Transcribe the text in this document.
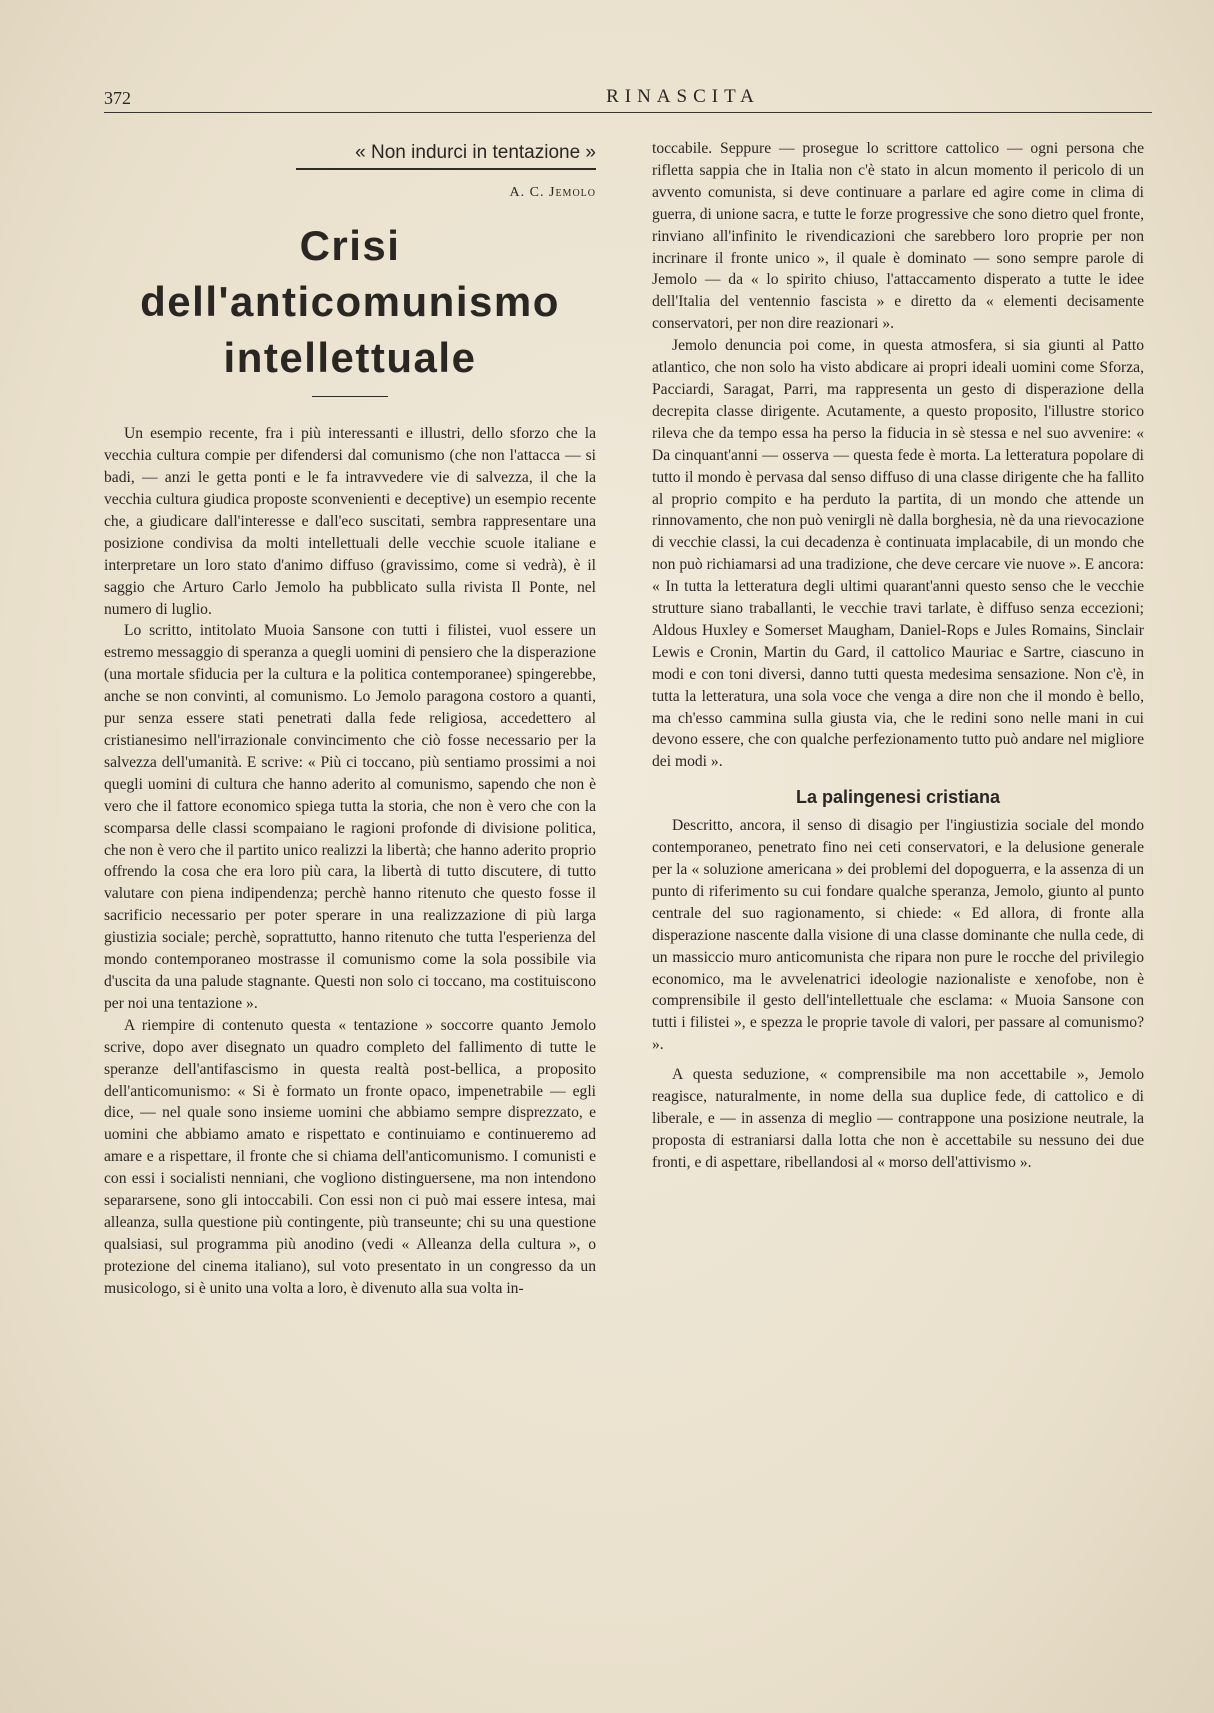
372	RINASCITA
« Non indurci in tentazione »
A. C. Jemolo
Crisi dell'anticomunismo intellettuale

Un esempio recente, fra i più interessanti e illustri, dello sforzo che la vecchia cultura compie per difendersi dal comunismo (che non l'attacca — si badi, — anzi le getta ponti e le fa intravvedere vie di salvezza, il che la vecchia cultura giudica proposte sconvenienti e deceptive) un esempio recente che, a giudicare dall'interesse e dall'eco suscitati, sembra rappresentare una posizione condivisa da molti intellettuali delle vecchie scuole italiane e interpretare un loro stato d'animo diffuso (gravissimo, come si vedrà), è il saggio che Arturo Carlo Jemolo ha pubblicato sulla rivista Il Ponte, nel numero di luglio.

Lo scritto, intitolato Muoia Sansone con tutti i filistei, vuol essere un estremo messaggio di speranza a quegli uomini di pensiero che la disperazione (una mortale sfiducia per la cultura e la politica contemporanee) spingerebbe, anche se non convinti, al comunismo. Lo Jemolo paragona costoro a quanti, pur senza essere stati penetrati dalla fede religiosa, accedettero al cristianesimo nell'irrazionale convincimento che ciò fosse necessario per la salvezza dell'umanità. E scrive: « Più ci toccano, più sentiamo prossimi a noi quegli uomini di cultura che hanno aderito al comunismo, sapendo che non è vero che il fattore economico spiega tutta la storia, che non è vero che con la scomparsa delle classi scompaiano le ragioni profonde di divisione politica, che non è vero che il partito unico realizzi la libertà; che hanno aderito proprio offrendo la cosa che era loro più cara, la libertà di tutto discutere, di tutto valutare con piena indipendenza; perchè hanno ritenuto che questo fosse il sacrificio necessario per poter sperare in una realizzazione di più larga giustizia sociale; perchè, soprattutto, hanno ritenuto che tutta l'esperienza del mondo contemporaneo mostrasse il comunismo come la sola possibile via d'uscita da una palude stagnante. Questi non solo ci toccano, ma costituiscono per noi una tentazione ».

A riempire di contenuto questa « tentazione » soccorre quanto Jemolo scrive, dopo aver disegnato un quadro completo del fallimento di tutte le speranze dell'antifascismo in questa realtà post-bellica, a proposito dell'anticomunismo: « Si è formato un fronte opaco, impenetrabile — egli dice, — nel quale sono insieme uomini che abbiamo sempre disprezzato, e uomini che abbiamo amato e rispettato e continuiamo e continueremo ad amare e a rispettare, il fronte che si chiama dell'anticomunismo. I comunisti e con essi i socialisti nenniani, che vogliono distinguersene, ma non intendono separarsene, sono gli intoccabili. Con essi non ci può mai essere intesa, mai alleanza, sulla questione più contingente, più transeunte; chi su una questione qualsiasi, sul programma più anodino (vedi « Alleanza della cultura », o protezione del cinema italiano), sul voto presentato in un congresso da un musicologo, si è unito una volta a loro, è divenuto alla sua volta in-

toccabile. Seppure — prosegue lo scrittore cattolico — ogni persona che rifletta sappia che in Italia non c'è stato in alcun momento il pericolo di un avvento comunista, si deve continuare a parlare ed agire come in clima di guerra, di unione sacra, e tutte le forze progressive che sono dietro quel fronte, rinviano all'infinito le rivendicazioni che sarebbero loro proprie per non incrinare il fronte unico », il quale è dominato — sono sempre parole di Jemolo — da « lo spirito chiuso, l'attaccamento disperato a tutte le idee dell'Italia del ventennio fascista » e diretto da « elementi decisamente conservatori, per non dire reazionari ».

Jemolo denuncia poi come, in questa atmosfera, si sia giunti al Patto atlantico, che non solo ha visto abdicare ai propri ideali uomini come Sforza, Pacciardi, Saragat, Parri, ma rappresenta un gesto di disperazione della decrepita classe dirigente. Acutamente, a questo proposito, l'illustre storico rileva che da tempo essa ha perso la fiducia in sè stessa e nel suo avvenire: « Da cinquant'anni — osserva — questa fede è morta. La letteratura popolare di tutto il mondo è pervasa dal senso diffuso di una classe dirigente che ha fallito al proprio compito e ha perduto la partita, di un mondo che attende un rinnovamento, che non può venirgli nè dalla borghesia, nè da una rievocazione di vecchie classi, la cui decadenza è continuata implacabile, di un mondo che non può richiamarsi ad una tradizione, che deve cercare vie nuove ». E ancora: « In tutta la letteratura degli ultimi quarant'anni questo senso che le vecchie strutture siano traballanti, le vecchie travi tarlate, è diffuso senza eccezioni; Aldous Huxley e Somerset Maugham, Daniel-Rops e Jules Romains, Sinclair Lewis e Cronin, Martin du Gard, il cattolico Mauriac e Sartre, ciascuno in modi e con toni diversi, danno tutti questa medesima sensazione. Non c'è, in tutta la letteratura, una sola voce che venga a dire non che il mondo è bello, ma ch'esso cammina sulla giusta via, che le redini sono nelle mani in cui devono essere, che con qualche perfezionamento tutto può andare nel migliore dei modi ».

La palingenesi cristiana

Descritto, ancora, il senso di disagio per l'ingiustizia sociale del mondo contemporaneo, penetrato fino nei ceti conservatori, e la delusione generale per la « soluzione americana » dei problemi del dopoguerra, e la assenza di un punto di riferimento su cui fondare qualche speranza, Jemolo, giunto al punto centrale del suo ragionamento, si chiede: « Ed allora, di fronte alla disperazione nascente dalla visione di una classe dominante che nulla cede, di un massiccio muro anticomunista che ripara non pure le rocche del privilegio economico, ma le avvelenatrici ideologie nazionaliste e xenofobe, non è comprensibile il gesto dell'intellettuale che esclama: « Muoia Sansone con tutti i filistei », e spezza le proprie tavole di valori, per passare al comunismo? ».

A questa seduzione, « comprensibile ma non accettabile », Jemolo reagisce, naturalmente, in nome della sua duplice fede, di cattolico e di liberale, e — in assenza di meglio — contrappone una posizione neutrale, la proposta di estraniarsi dalla lotta che non è accettabile su nessuno dei due fronti, e di aspettare, ribellandosi al « morso dell'attivismo ».
